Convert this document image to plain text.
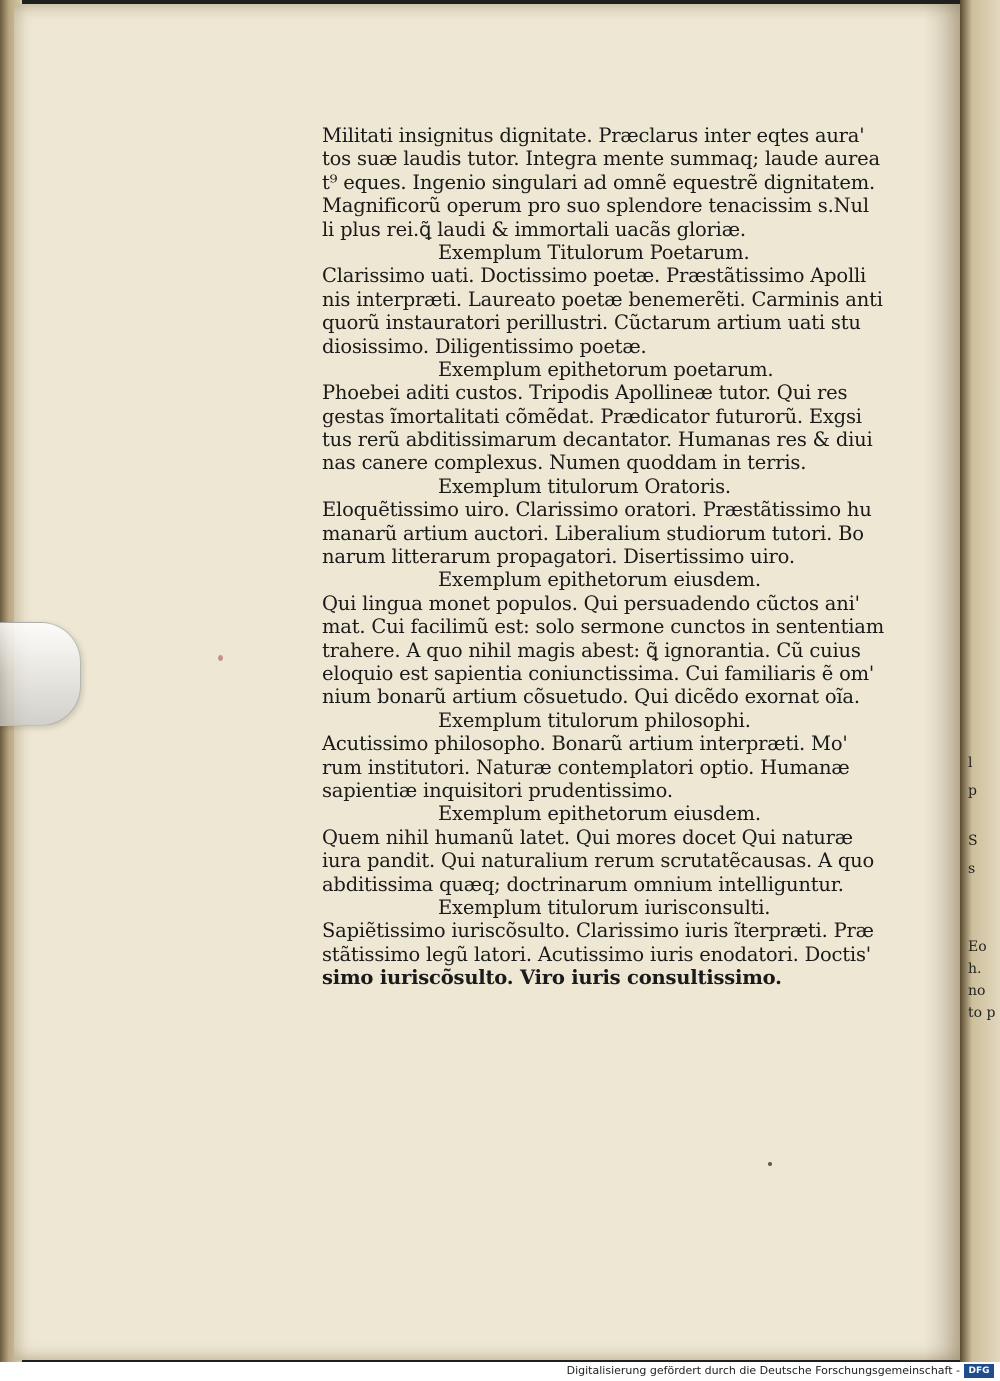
l
p
S
s
Eo
h.
no
to p
Militati insignitus dignitate. Præclarus inter eqtes aura͏'
tos suæ laudis tutor. Integra mente summaq; laude aurea
t⁹ eques. Ingenio singulari ad omnẽ equestrẽ dignitatem.
Magnificorũ operum pro suo splendore tenacissim s.Nul
li plus rei.ꝗ̃ laudi & immortali uacãs gloriæ.
Exemplum Titulorum Poetarum.
Clarissimo uati. Doctissimo poetæ. Præstãtissimo Apolli
nis interpræti. Laureato poetæ benemerẽti. Carminis anti
quorũ instauratori perillustri. Cũctarum artium uati stu
diosissimo. Diligentissimo poetæ.
Exemplum epithetorum poetarum.
Phoebei aditi custos. Tripodis Apollineæ tutor. Qui res
gestas ĩmortalitati cõmẽdat. Prædicator futurorũ. Exgsi
tus rerũ abditissimarum decantator. Humanas res & diui
nas canere complexus. Numen quoddam in terris.
Exemplum titulorum Oratoris.
Eloquẽtissimo uiro. Clarissimo oratori. Præstãtissimo hu
manarũ artium auctori. Liberalium studiorum tutori. Bo
narum litterarum propagatori. Disertissimo uiro.
Exemplum epithetorum eiusdem.
Qui lingua monet populos. Qui persuadendo cũctos ani'
mat. Cui facilimũ est: solo sermone cunctos in sententiam
trahere. A quo nihil magis abest: ꝗ̃ ignorantia. Cũ cuius
eloquio est sapientia coniunctissima. Cui familiaris ẽ om'
nium bonarũ artium cõsuetudo. Qui dicẽdo exornat oĩa.
Exemplum titulorum philosophi.
Acutissimo philosopho. Bonarũ artium interpræti. Mo'
rum institutori. Naturæ contemplatori optio. Humanæ
sapientiæ inquisitori prudentissimo.
Exemplum epithetorum eiusdem.
Quem nihil humanũ latet. Qui mores docet Qui naturæ
iura pandit. Qui naturalium rerum scrutatẽcausas. A quo
abditissima quæq; doctrinarum omnium intelliguntur.
Exemplum titulorum iurisconsulti.
Sapiẽtissimo iuriscõsulto. Clarissimo iuris ĩterpræti. Præ
stãtissimo legũ latori. Acutissimo iuris enodatori. Doctis'
simo iuriscõsulto. Viro iuris consultissimo.
Digitalisierung gefördert durch die Deutsche Forschungsgemeinschaft - DFG
